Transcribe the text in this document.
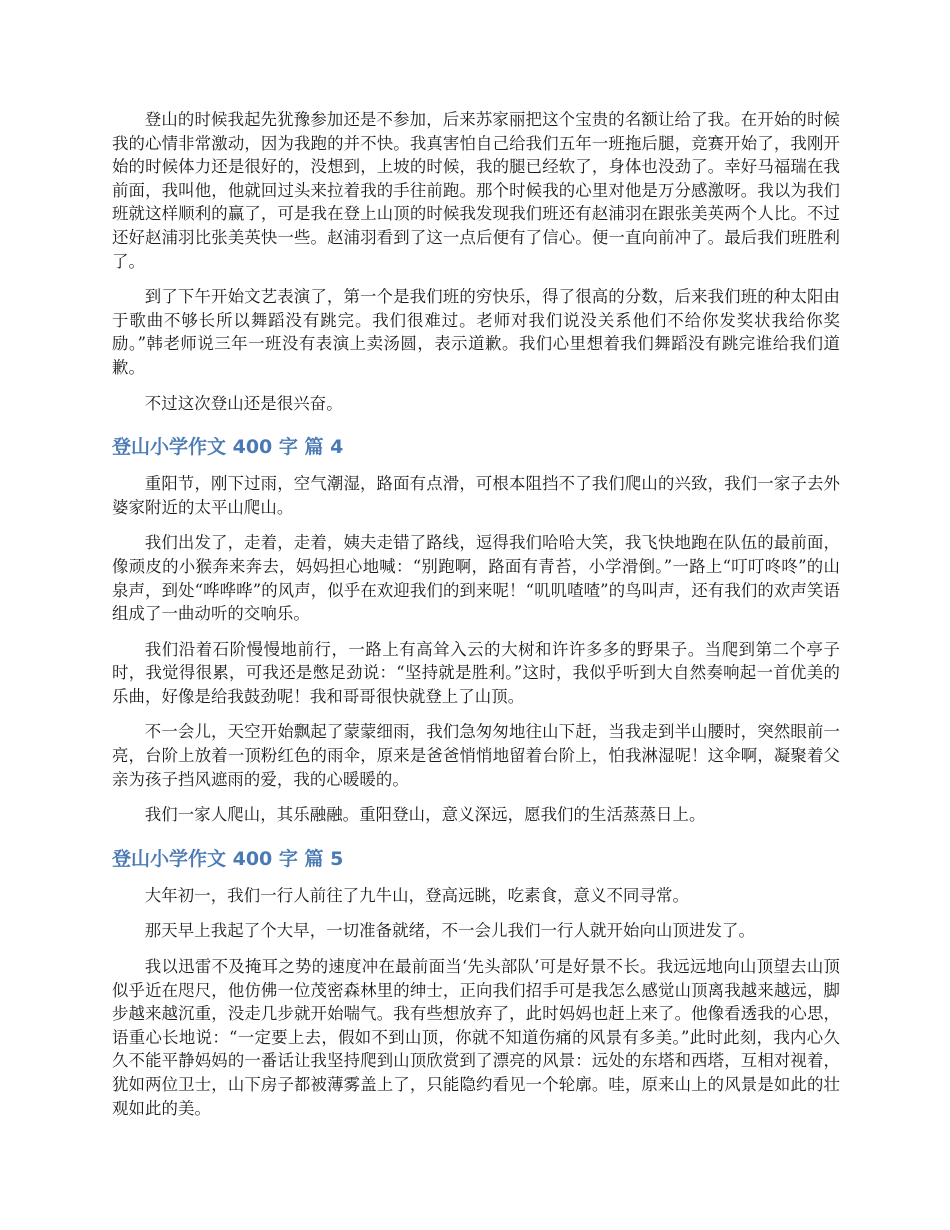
登山的时候我起先犹豫参加还是不参加，后来苏家丽把这个宝贵的名额让给了我。在开始的时候我的心情非常激动，因为我跑的并不快。我真害怕自己给我们五年一班拖后腿，竞赛开始了，我刚开始的时候体力还是很好的，没想到，上坡的时候，我的腿已经软了，身体也没劲了。幸好马福瑞在我前面，我叫他，他就回过头来拉着我的手往前跑。那个时候我的心里对他是万分感激呀。我以为我们班就这样顺利的赢了，可是我在登上山顶的时候我发现我们班还有赵浦羽在跟张美英两个人比。不过还好赵浦羽比张美英快一些。赵浦羽看到了这一点后便有了信心。便一直向前冲了。最后我们班胜利了。

到了下午开始文艺表演了，第一个是我们班的穷快乐，得了很高的分数，后来我们班的种太阳由于歌曲不够长所以舞蹈没有跳完。我们很难过。老师对我们说没关系他们不给你发奖状我给你奖励。”韩老师说三年一班没有表演上卖汤圆，表示道歉。我们心里想着我们舞蹈没有跳完谁给我们道歉。

不过这次登山还是很兴奋。

登山小学作文 400 字 篇 4

重阳节，刚下过雨，空气潮湿，路面有点滑，可根本阻挡不了我们爬山的兴致，我们一家子去外婆家附近的太平山爬山。

我们出发了，走着，走着，姨夫走错了路线，逗得我们哈哈大笑，我飞快地跑在队伍的最前面，像顽皮的小猴奔来奔去，妈妈担心地喊：“别跑啊，路面有青苔，小学滑倒。”一路上“叮叮咚咚”的山泉声，到处“哗哗哗”的风声，似乎在欢迎我们的到来呢！“叽叽喳喳”的鸟叫声，还有我们的欢声笑语组成了一曲动听的交响乐。

我们沿着石阶慢慢地前行，一路上有高耸入云的大树和许许多多的野果子。当爬到第二个亭子时，我觉得很累，可我还是憋足劲说：“坚持就是胜利。”这时，我似乎听到大自然奏响起一首优美的乐曲，好像是给我鼓劲呢！我和哥哥很快就登上了山顶。

不一会儿，天空开始飘起了蒙蒙细雨，我们急匆匆地往山下赶，当我走到半山腰时，突然眼前一亮，台阶上放着一顶粉红色的雨伞，原来是爸爸悄悄地留着台阶上，怕我淋湿呢！这伞啊，凝聚着父亲为孩子挡风遮雨的爱，我的心暖暖的。

我们一家人爬山，其乐融融。重阳登山，意义深远，愿我们的生活蒸蒸日上。

登山小学作文 400 字 篇 5

大年初一，我们一行人前往了九牛山，登高远眺，吃素食，意义不同寻常。

那天早上我起了个大早，一切准备就绪，不一会儿我们一行人就开始向山顶进发了。

我以迅雷不及掩耳之势的速度冲在最前面当‘先头部队’可是好景不长。我远远地向山顶望去山顶似乎近在咫尺，他仿佛一位茂密森林里的绅士，正向我们招手可是我怎么感觉山顶离我越来越远，脚步越来越沉重，没走几步就开始喘气。我有些想放弃了，此时妈妈也赶上来了。他像看透我的心思，语重心长地说：“一定要上去，假如不到山顶，你就不知道伤痛的风景有多美。”此时此刻，我内心久久不能平静妈妈的一番话让我坚持爬到山顶欣赏到了漂亮的风景：远处的东塔和西塔，互相对视着，犹如两位卫士，山下房子都被薄雾盖上了，只能隐约看见一个轮廓。哇，原来山上的风景是如此的壮观如此的美。
